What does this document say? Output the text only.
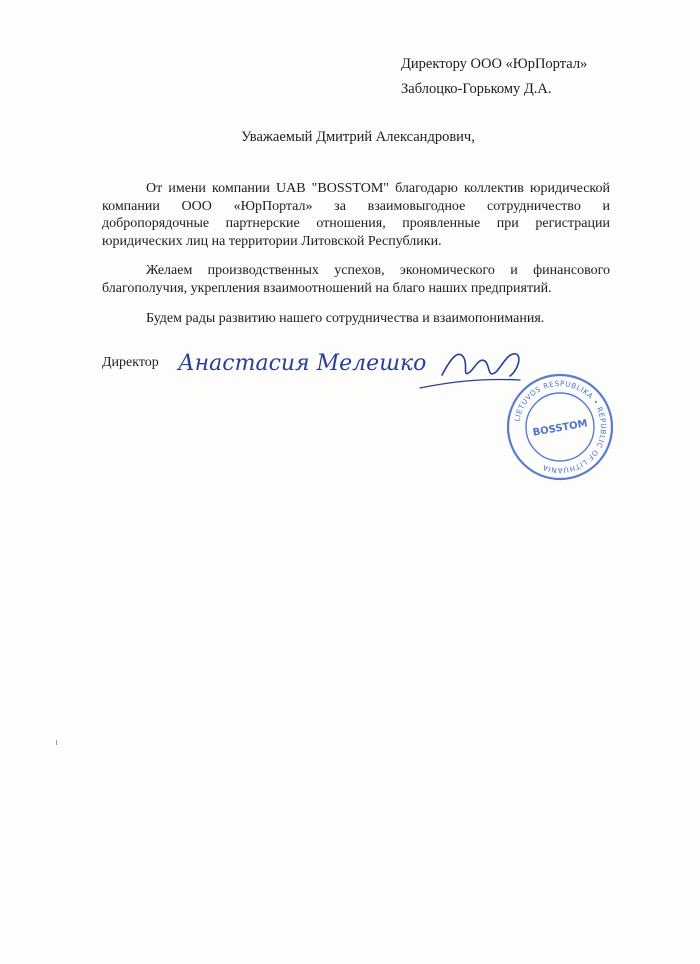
Директору ООО «ЮрПортал»
Заблоцко-Горькому Д.А.
Уважаемый Дмитрий Александрович,

От имени компании UAB "BOSSTOM" благодарю коллектив юридической компании ООО «ЮрПортал» за взаимовыгодное сотрудничество и добропорядочные партнерские отношения, проявленные при регистрации юридических лиц на территории Литовской Республики.

Желаем производственных успехов, экономического и финансового благополучия, укрепления взаимоотношений на благо наших предприятий.

Будем рады развитию нашего сотрудничества и взаимопонимания.

Директор Анастасия Мелешко
LIETUVOS RESPUBLIKA • REPUBLIC OF LITHUANIA
BOSSTOM
